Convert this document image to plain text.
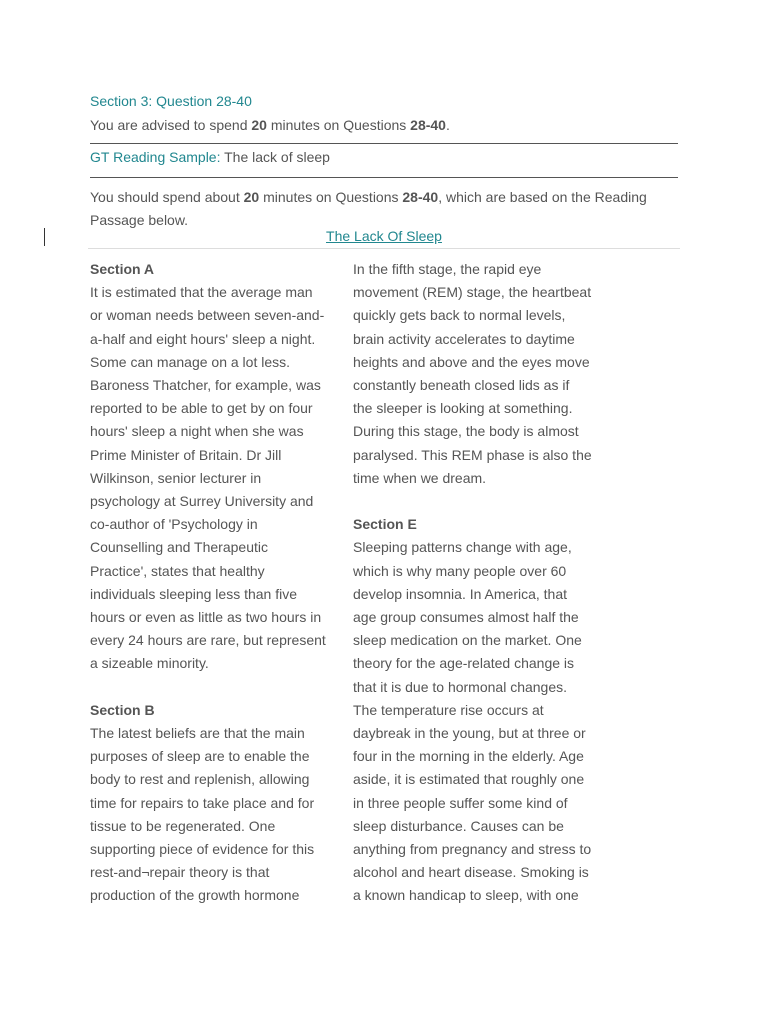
Section 3: Question 28-40
You are advised to spend 20 minutes on Questions 28-40.
GT Reading Sample: The lack of sleep
You should spend about 20 minutes on Questions 28-40, which are based on the Reading
Passage below.
The Lack Of Sleep
Section A
It is estimated that the average man
or woman needs between seven-and-
a-half and eight hours' sleep a night.
Some can manage on a lot less.
Baroness Thatcher, for example, was
reported to be able to get by on four
hours' sleep a night when she was
Prime Minister of Britain. Dr Jill
Wilkinson, senior lecturer in
psychology at Surrey University and
co-author of 'Psychology in
Counselling and Therapeutic
Practice', states that healthy
individuals sleeping less than five
hours or even as little as two hours in
every 24 hours are rare, but represent
a sizeable minority.
Section B
The latest beliefs are that the main
purposes of sleep are to enable the
body to rest and replenish, allowing
time for repairs to take place and for
tissue to be regenerated. One
supporting piece of evidence for this
rest-and¬repair theory is that
production of the growth hormone
In the fifth stage, the rapid eye
movement (REM) stage, the heartbeat
quickly gets back to normal levels,
brain activity accelerates to daytime
heights and above and the eyes move
constantly beneath closed lids as if
the sleeper is looking at something.
During this stage, the body is almost
paralysed. This REM phase is also the
time when we dream.
Section E
Sleeping patterns change with age,
which is why many people over 60
develop insomnia. In America, that
age group consumes almost half the
sleep medication on the market. One
theory for the age-related change is
that it is due to hormonal changes.
The temperature rise occurs at
daybreak in the young, but at three or
four in the morning in the elderly. Age
aside, it is estimated that roughly one
in three people suffer some kind of
sleep disturbance. Causes can be
anything from pregnancy and stress to
alcohol and heart disease. Smoking is
a known handicap to sleep, with one
